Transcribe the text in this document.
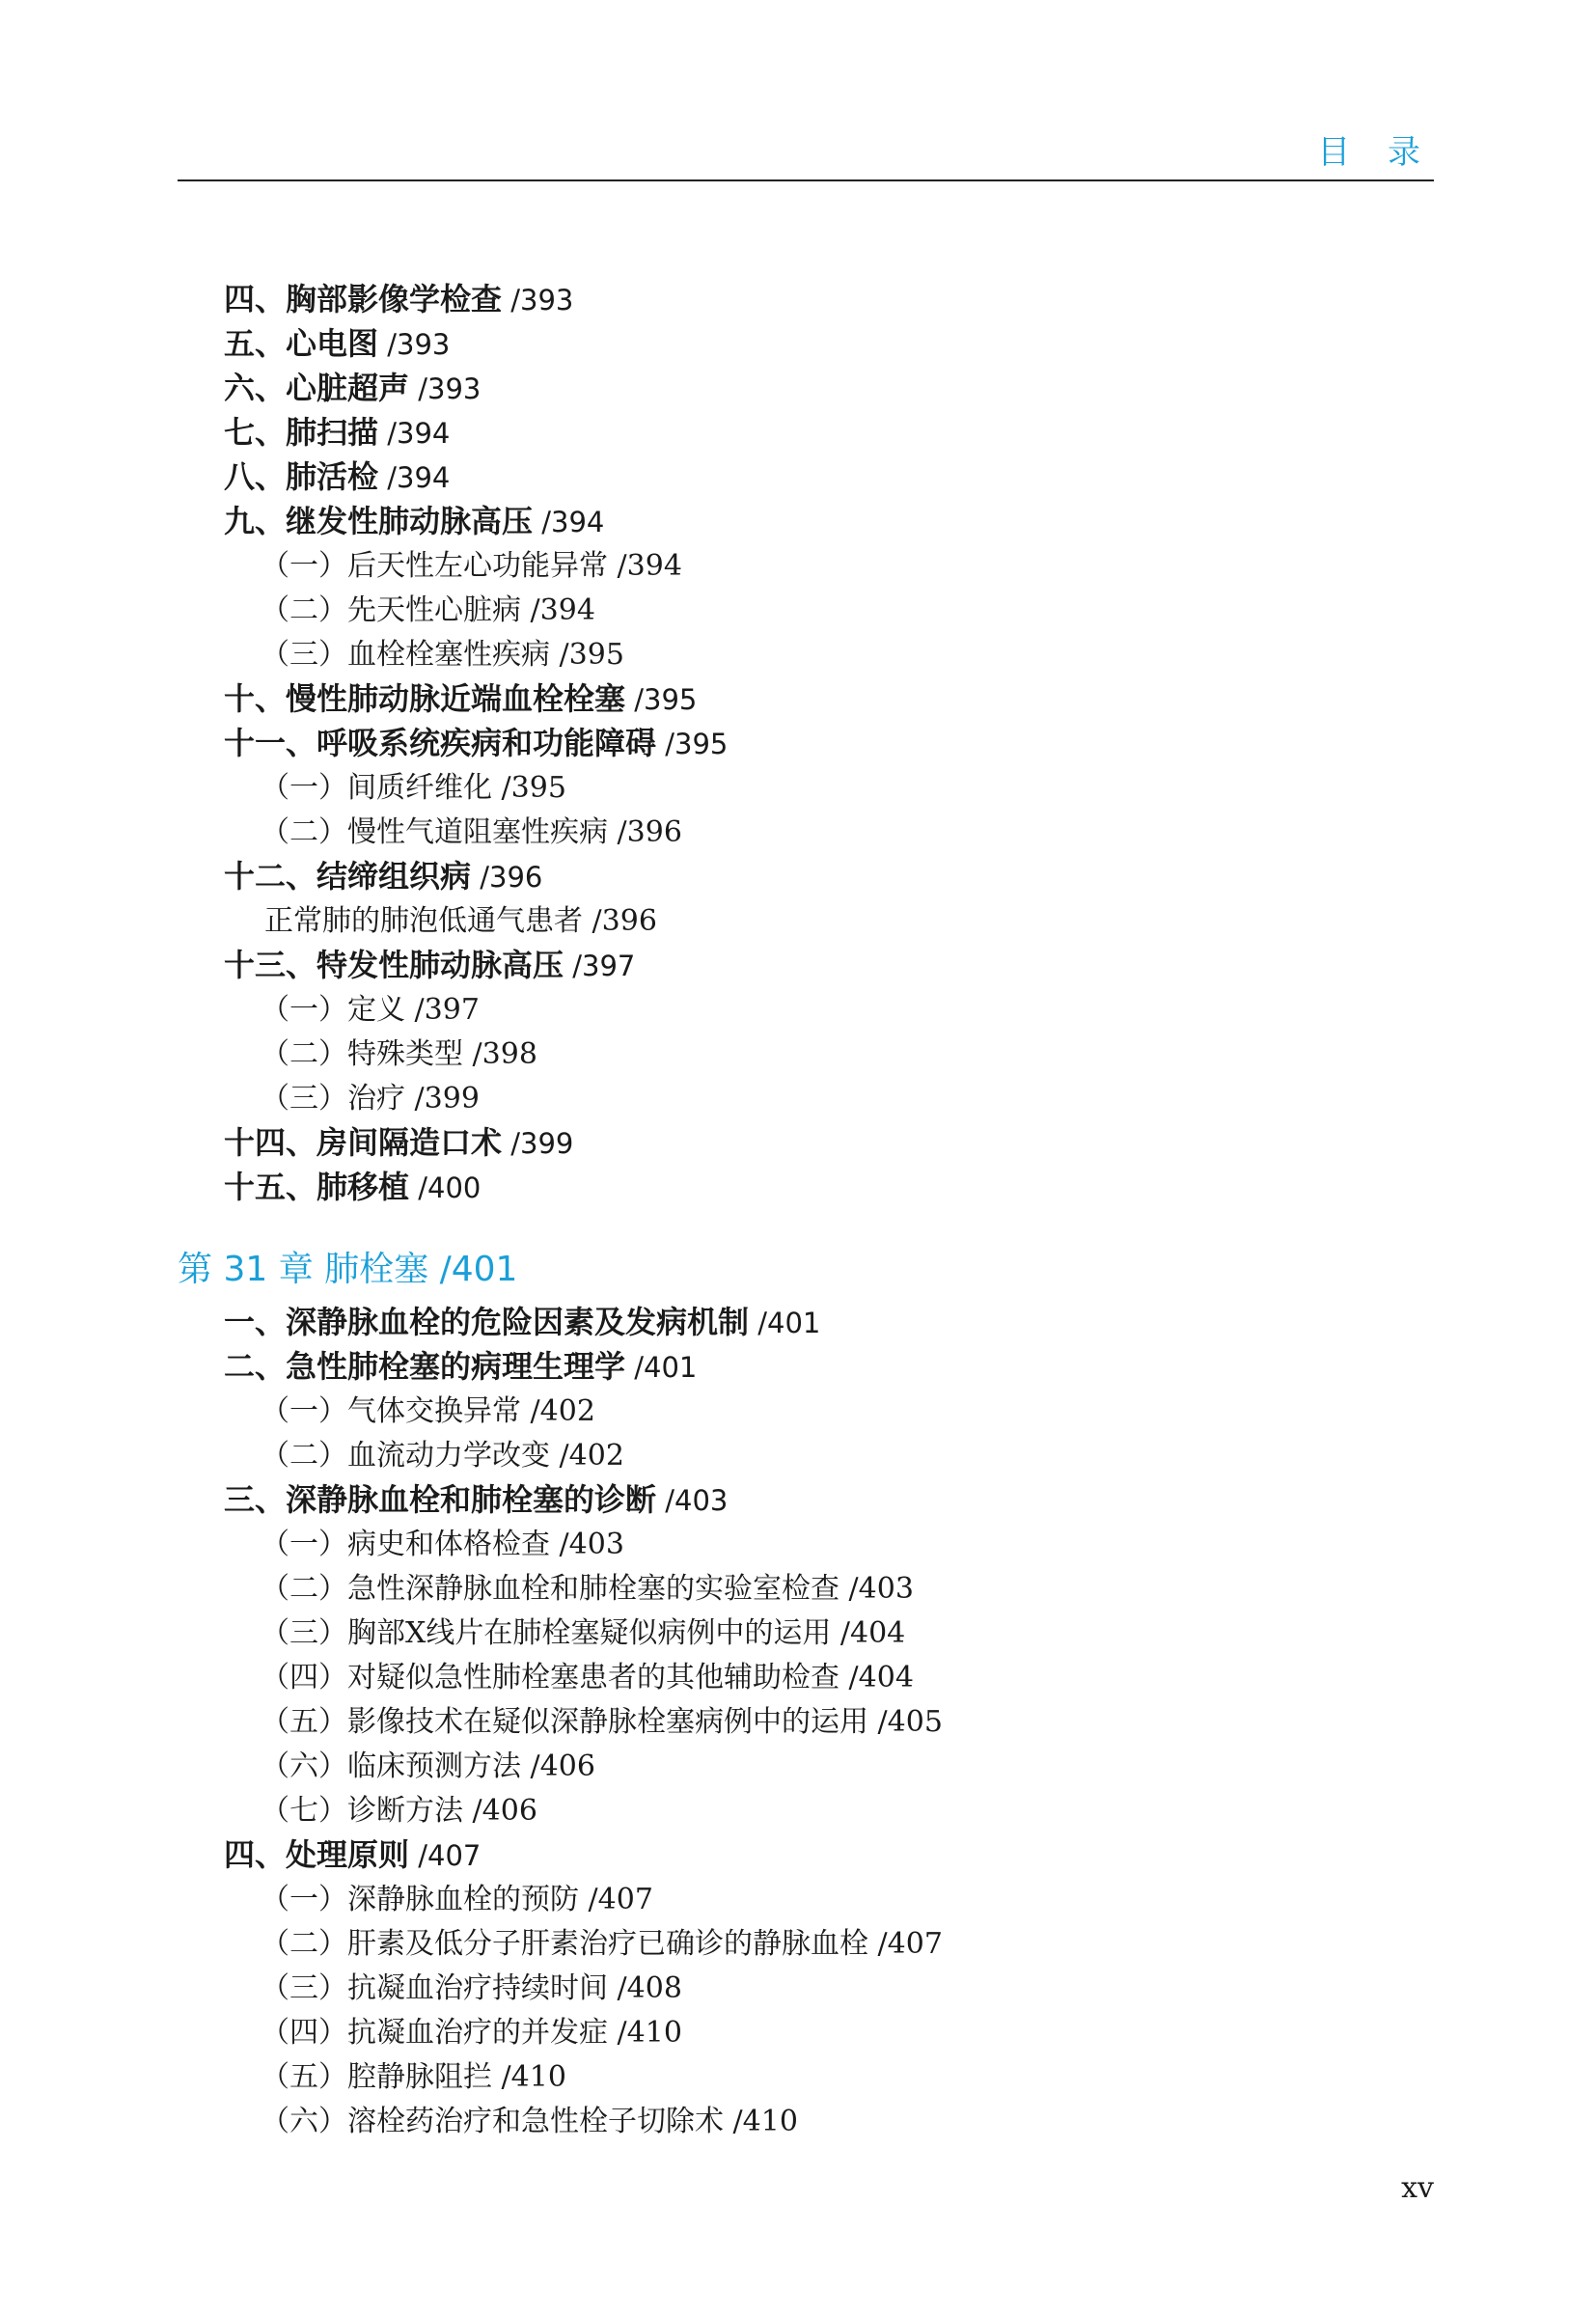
目 录
四、胸部影像学检查 /393
五、心电图 /393
六、心脏超声 /393
七、肺扫描 /394
八、肺活检 /394
九、继发性肺动脉高压 /394
（一）后天性左心功能异常 /394
（二）先天性心脏病 /394
（三）血栓栓塞性疾病 /395
十、慢性肺动脉近端血栓栓塞 /395
十一、呼吸系统疾病和功能障碍 /395
（一）间质纤维化 /395
（二）慢性气道阻塞性疾病 /396
十二、结缔组织病 /396
正常肺的肺泡低通气患者 /396
十三、特发性肺动脉高压 /397
（一）定义 /397
（二）特殊类型 /398
（三）治疗 /399
十四、房间隔造口术 /399
十五、肺移植 /400
第 31 章 肺栓塞 /401
一、深静脉血栓的危险因素及发病机制 /401
二、急性肺栓塞的病理生理学 /401
（一）气体交换异常 /402
（二）血流动力学改变 /402
三、深静脉血栓和肺栓塞的诊断 /403
（一）病史和体格检查 /403
（二）急性深静脉血栓和肺栓塞的实验室检查 /403
（三）胸部X线片在肺栓塞疑似病例中的运用 /404
（四）对疑似急性肺栓塞患者的其他辅助检查 /404
（五）影像技术在疑似深静脉栓塞病例中的运用 /405
（六）临床预测方法 /406
（七）诊断方法 /406
四、处理原则 /407
（一）深静脉血栓的预防 /407
（二）肝素及低分子肝素治疗已确诊的静脉血栓 /407
（三）抗凝血治疗持续时间 /408
（四）抗凝血治疗的并发症 /410
（五）腔静脉阻拦 /410
（六）溶栓药治疗和急性栓子切除术 /410
xv
